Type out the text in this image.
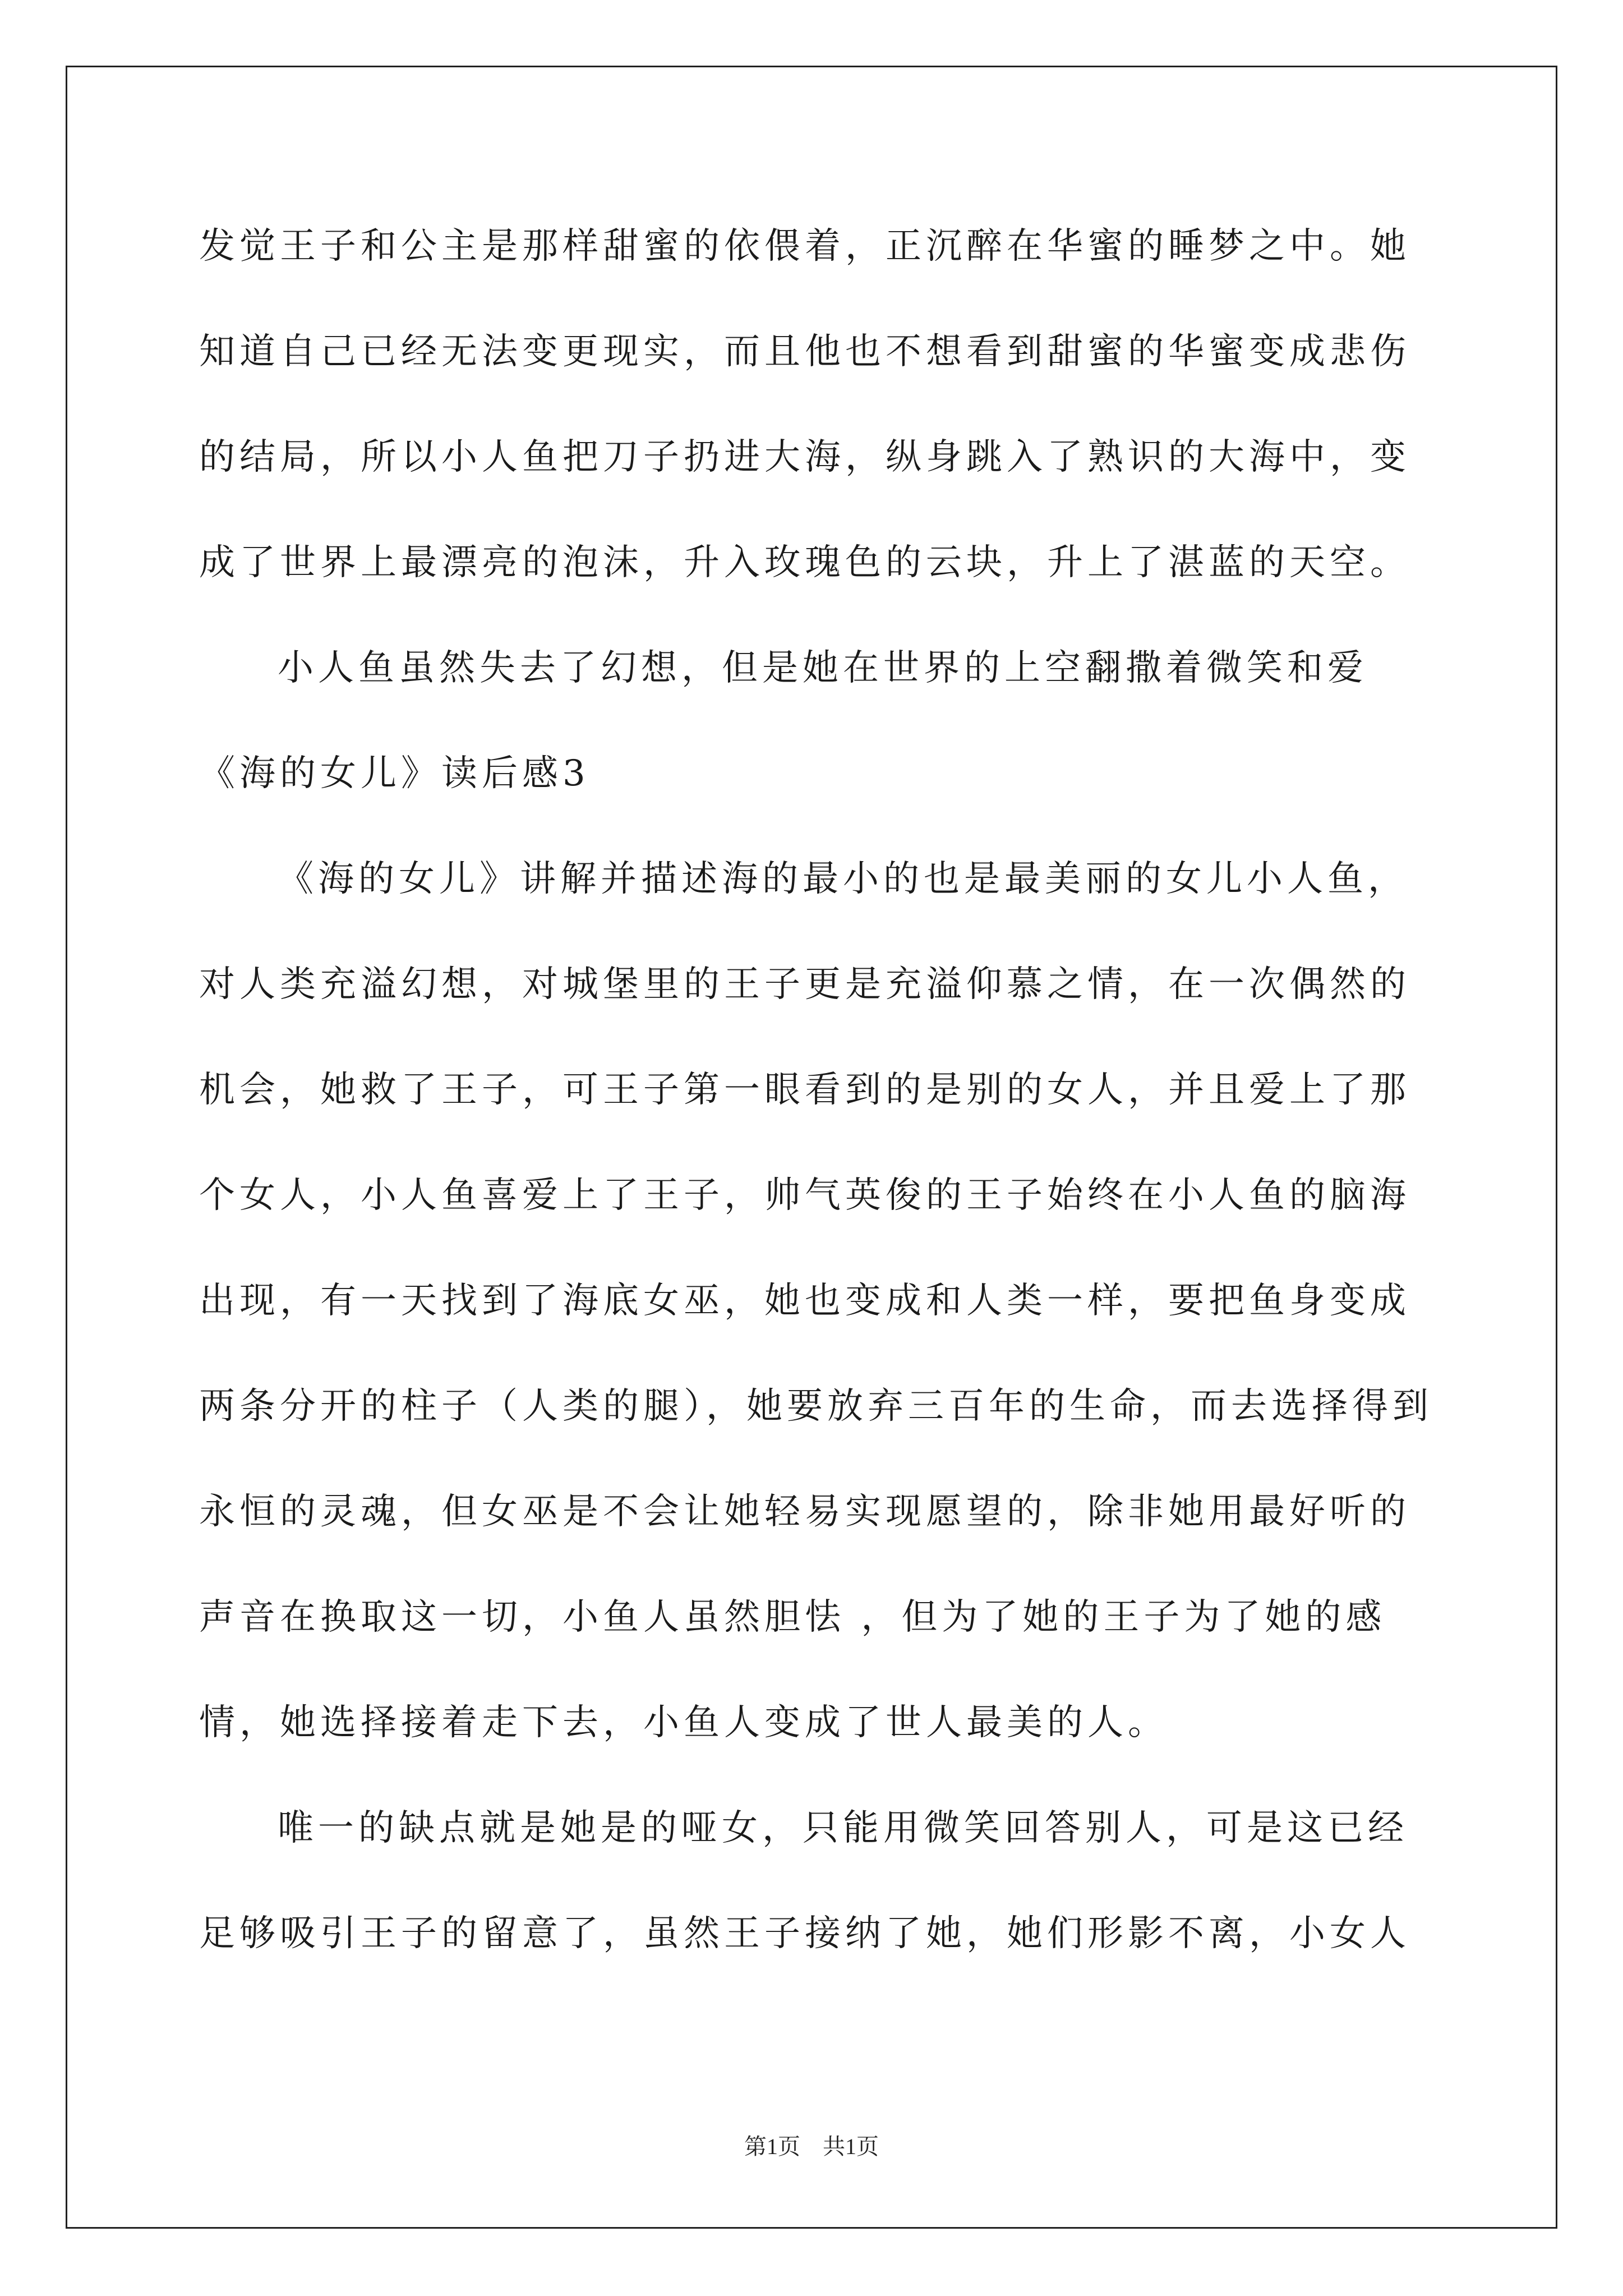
发觉王子和公主是那样甜蜜的依偎着，正沉醉在华蜜的睡梦之中。她
知道自己已经无法变更现实，而且他也不想看到甜蜜的华蜜变成悲伤
的结局，所以小人鱼把刀子扔进大海，纵身跳入了熟识的大海中，变
成了世界上最漂亮的泡沫，升入玫瑰色的云块，升上了湛蓝的天空。
小人鱼虽然失去了幻想，但是她在世界的上空翻撒着微笑和爱
《海的女儿》读后感3
《海的女儿》讲解并描述海的最小的也是最美丽的女儿小人鱼，
对人类充溢幻想，对城堡里的王子更是充溢仰慕之情，在一次偶然的
机会，她救了王子，可王子第一眼看到的是别的女人，并且爱上了那
个女人，小人鱼喜爱上了王子，帅气英俊的王子始终在小人鱼的脑海
出现，有一天找到了海底女巫，她也变成和人类一样，要把鱼身变成
两条分开的柱子（人类的腿），她要放弃三百年的生命，而去选择得到
永恒的灵魂，但女巫是不会让她轻易实现愿望的，除非她用最好听的
声音在换取这一切，小鱼人虽然胆怯 ，但为了她的王子为了她的感
情，她选择接着走下去，小鱼人变成了世人最美的人。
唯一的缺点就是她是的哑女，只能用微笑回答别人，可是这已经
足够吸引王子的留意了，虽然王子接纳了她，她们形影不离，小女人
第1页　共1页
